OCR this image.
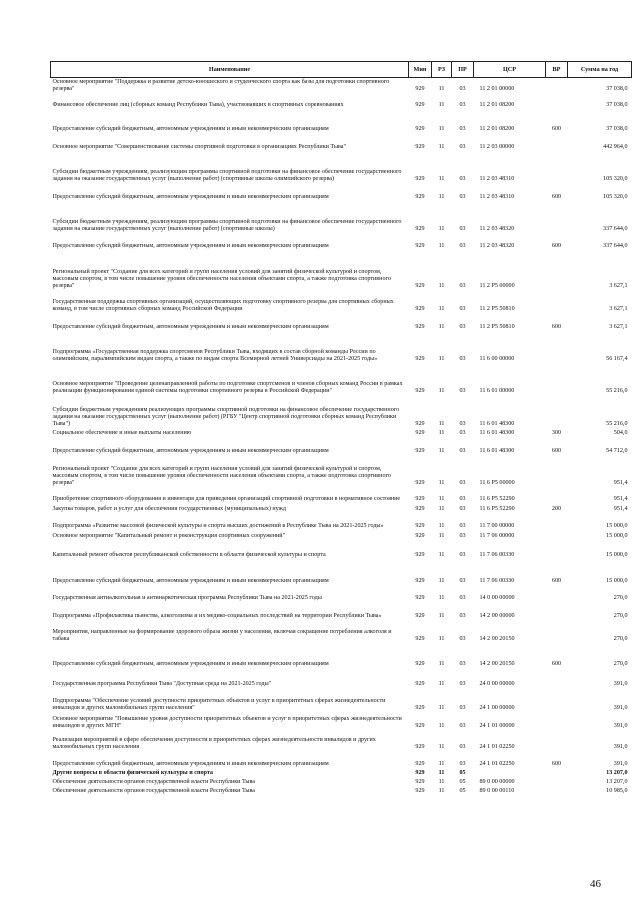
Наименование	Мин	РЗ	ПР	ЦСР	ВР	Сумма на год
Основное мероприятие "Поддержка и развитие детско-юношеского и студенческого спорта как базы для подготовки спортивного резерва"	929	11	03	11 2 01 00000		37 038,0
Финансовое обеспечение лиц (сборных команд Республики Тыва), участвовавших в спортивных соревнованиях	929	11	03	11 2 01 08200		37 038,0
Предоставление субсидий бюджетным, автономным учреждениям и иным некоммерческим организациям	929	11	03	11 2 01 08200	600	37 038,0
Основное мероприятие "Совершенствование системы спортивной подготовки в организациях Республики Тыва"	929	11	03	11 2 03 00000		442 964,0
Субсидии бюджетным учреждениям, реализующим программы спортивной подготовки на финансовое обеспечение государственного задания на оказание государственных услуг (выполнение работ) (спортивные школы олимпийского резерва)	929	11	03	11 2 03 48310		105 320,0
Предоставление субсидий бюджетным, автономным учреждениям и иным некоммерческим организациям	929	11	03	11 2 03 48310	600	105 320,0
Субсидии бюджетным учреждениям, реализующим программы спортивной подготовки на финансовое обеспечение государственного задания на оказание государственных услуг (выполнение работ) (спортивные школы)	929	11	03	11 2 03 48320		337 644,0
Предоставление субсидий бюджетным, автономным учреждениям и иным некоммерческим организациям	929	11	03	11 2 03 48320	600	337 644,0
Региональный проект "Создание для всех категорий и групп населения условий для занятий физической культурой и спортом, массовым спортом, в том числе повышение уровня обеспеченности населения объектами спорта, а также подготовка спортивного резерва"	929	11	03	11 2 P5 00000		3 627,1
Государственная поддержка спортивных организаций, осуществляющих подготовку спортивного резерва для спортивных сборных команд, в том числе спортивных сборных команд Российской Федерации	929	11	03	11 2 P5 50810		3 627,1
Предоставление субсидий бюджетным, автономным учреждениям и иным некоммерческим организациям	929	11	03	11 2 P5 50810	600	3 627,1
Подпрограмма «Государственная поддержка спортсменов Республики Тыва, входящих в состав сборной команды России по олимпийским, паралимпийским видам спорта, а также по видам спорта Всемирной летней Универсиады на 2021-2025 годы»	929	11	03	11 6 00 00000		56 167,4
Основное мероприятие "Проведение целенаправленной работы по подготовке спортсменов и членов сборных команд России в рамках реализации функционирования единой системы подготовки спортивного резерва в Российской Федерации"	929	11	03	11 6 01 00000		55 216,0
Субсидии бюджетным учреждениям реализующих программы спортивной подготовки на финансовое обеспечение государственного задания на оказание государственных услуг (выполнение работ) (РГБУ "Центр спортивной подготовки сборных команд Республики Тыва")	929	11	03	11 6 01 48300		55 216,0
Социальное обеспечение и иные выплаты населению	929	11	03	11 6 01 48300	300	504,0
Предоставление субсидий бюджетным, автономным учреждениям и иным некоммерческим организациям	929	11	03	11 6 01 48300	600	54 712,0
Региональный проект "Создание для всех категорий и групп населения условий для занятий физической культурой и спортом, массовым спортом, в том числе повышение уровня обеспеченности населения объектами спорта, а также подготовка спортивного резерва"	929	11	03	11 6 P5 00000		951,4
Приобретение спортивного оборудования и инвентаря для приведения организаций спортивной подготовки в нормативное состояние	929	11	03	11 6 P5 52290		951,4
Закупка товаров, работ и услуг для обеспечения государственных (муниципальных) нужд	929	11	03	11 6 P5 52290	200	951,4
Подпрограмма «Развитие массовой физической культуры и спорта высших достижений в Республике Тыва на 2021-2025 годы»	929	11	03	11 7 00 00000		15 000,0
Основное мероприятие "Капитальный ремонт и реконструкция спортивных сооружений"	929	11	03	11 7 06 00000		15 000,0
Капитальный ремонт объектов республиканской собственности в области физической культуры и спорта	929	11	03	11 7 06 00330		15 000,0
Предоставление субсидий бюджетным, автономным учреждениям и иным некоммерческим организациям	929	11	03	11 7 06 00330	600	15 000,0
Государственная антиалкогольная и антинаркотическая программа Республики Тыва на 2021-2025 годы	929	11	03	14 0 00 00000		270,0
Подпрограмма «Профилактика пьянства, алкоголизма и их медико-социальных последствий на территории Республики Тыва»	929	11	03	14 2 00 00000		270,0
Мероприятия, направленные на формирование здорового образа жизни у населения, включая сокращение потребления алкоголя и табака	929	11	03	14 2 00 20150		270,0
Предоставление субсидий бюджетным, автономным учреждениям и иным некоммерческим организациям	929	11	03	14 2 00 20150	600	270,0
Государственная программа Республики Тыва "Доступная среда на 2021-2025 годы"	929	11	03	24 0 00 00000		391,0
Подпрограмма "Обеспечение условий доступности приоритетных объектов и услуг в приоритетных сферах жизнедеятельности инвалидов и других маломобильных групп населения"	929	11	03	24 1 00 00000		391,0
Основное мероприятие "Повышение уровня доступности приоритетных объектов и услуг в приоритетных сферах жизнедеятельности инвалидов и других МГН"	929	11	03	24 1 01 00000		391,0
Реализация мероприятий в сфере обеспечения доступности в приоритетных сферах жизнедеятельности инвалидов и других маломобильных групп населения	929	11	03	24 1 01 02250		391,0
Предоставление субсидий бюджетным, автономным учреждениям и иным некоммерческим организациям	929	11	03	24 1 01 02250	600	391,0
Другие вопросы в области физической культуры и спорта	929	11	05			13 207,0
Обеспечение деятельности органов государственной власти Республики Тыва	929	11	05	89 0 00 00000		13 207,0
Обеспечение деятельности органов государственной власти Республики Тыва	929	11	05	89 0 00 00110		10 985,0
46
